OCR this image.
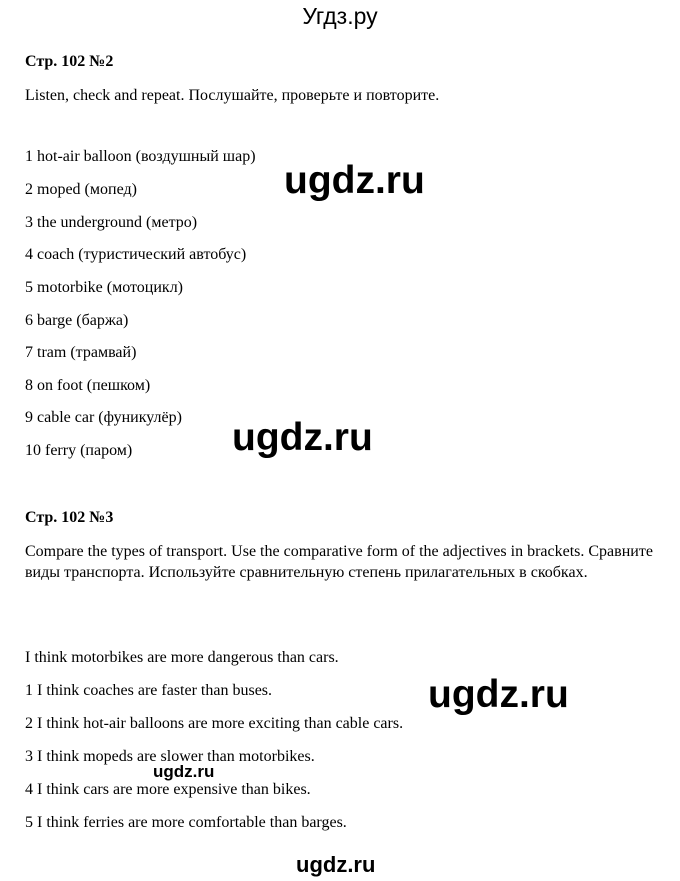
Угдз.ру
Стр. 102 №2
Listen, check and repeat. Послушайте, проверьте и повторите.
1 hot-air balloon (воздушный шар)
2 moped (мопед)
3 the underground (метро)
4 coach (туристический автобус)
5 motorbike (мотоцикл)
6 barge (баржа)
7 tram (трамвай)
8 on foot (пешком)
9 cable car (фуникулёр)
10 ferry (паром)
Стр. 102 №3
Compare the types of transport. Use the comparative form of the adjectives in brackets. Сравните виды транспорта. Используйте сравнительную степень прилагательных в скобках.
I think motorbikes are more dangerous than cars.
1 I think coaches are faster than buses.
2 I think hot-air balloons are more exciting than cable cars.
3 I think mopeds are slower than motorbikes.
4 I think cars are more expensive than bikes.
5 I think ferries are more comfortable than barges.
ugdz.ru
ugdz.ru
ugdz.ru
ugdz.ru
ugdz.ru
